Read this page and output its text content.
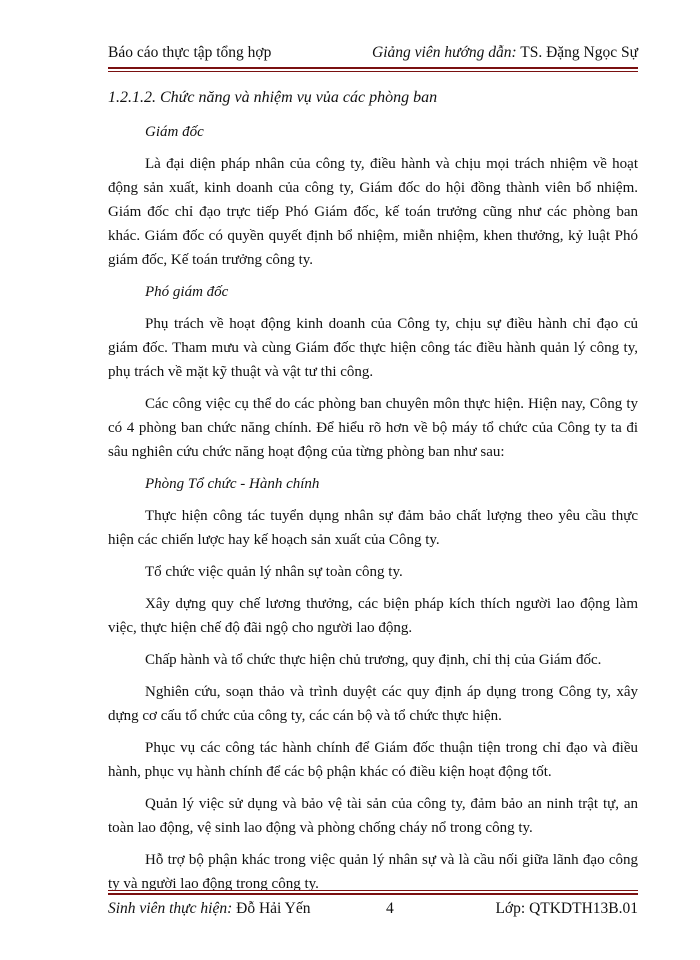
Báo cáo thực tập tổng hợp	Giảng viên hướng dẫn: TS. Đặng Ngọc Sự
1.2.1.2. Chức năng và nhiệm vụ vủa các phòng ban
Giám đốc

Là đại diện pháp nhân của công ty, điều hành và chịu mọi trách nhiệm về hoạt động sản xuất, kinh doanh của công ty, Giám đốc do hội đồng thành viên bổ nhiệm. Giám đốc chỉ đạo trực tiếp Phó Giám đốc, kế toán trưởng cũng như các phòng ban khác. Giám đốc có quyền quyết định bổ nhiệm, miễn nhiệm, khen thưởng, kỷ luật Phó giám đốc, Kế toán trưởng công ty.

Phó giám đốc

Phụ trách về hoạt động kinh doanh của Công ty, chịu sự điều hành chỉ đạo củ giám đốc. Tham mưu và cùng Giám đốc thực hiện công tác điều hành quản lý công ty, phụ trách về mặt kỹ thuật và vật tư thi công.

Các công việc cụ thể do các phòng ban chuyên môn thực hiện. Hiện nay, Công ty có 4 phòng ban chức năng chính. Để hiểu rõ hơn về bộ máy tổ chức của Công ty ta đi sâu nghiên cứu chức năng hoạt động của từng phòng ban như sau:

Phòng Tổ chức - Hành chính

Thực hiện công tác tuyển dụng nhân sự đảm bảo chất lượng theo yêu cầu thực hiện các chiến lược hay kế hoạch sản xuất của Công ty.

Tổ chức việc quản lý nhân sự toàn công ty.

Xây dựng quy chế lương thưởng, các biện pháp kích thích người lao động làm việc, thực hiện chế độ đãi ngộ cho người lao động.

Chấp hành và tổ chức thực hiện chủ trương, quy định, chỉ thị của Giám đốc.

Nghiên cứu, soạn thảo và trình duyệt các quy định áp dụng trong Công ty, xây dựng cơ cấu tổ chức của công ty, các cán bộ và tổ chức thực hiện.

Phục vụ các công tác hành chính để Giám đốc thuận tiện trong chỉ đạo và điều hành, phục vụ hành chính để các bộ phận khác có điều kiện hoạt động tốt.

Quản lý việc sử dụng và bảo vệ tài sản của công ty, đảm bảo an ninh trật tự, an toàn lao động, vệ sinh lao động và phòng chống cháy nổ trong công ty.

Hỗ trợ bộ phận khác trong việc quản lý nhân sự và là cầu nối giữa lãnh đạo công ty và người lao động trong công ty.

Sinh viên thực hiện: Đỗ Hải Yến	4	Lớp: QTKDTH13B.01
